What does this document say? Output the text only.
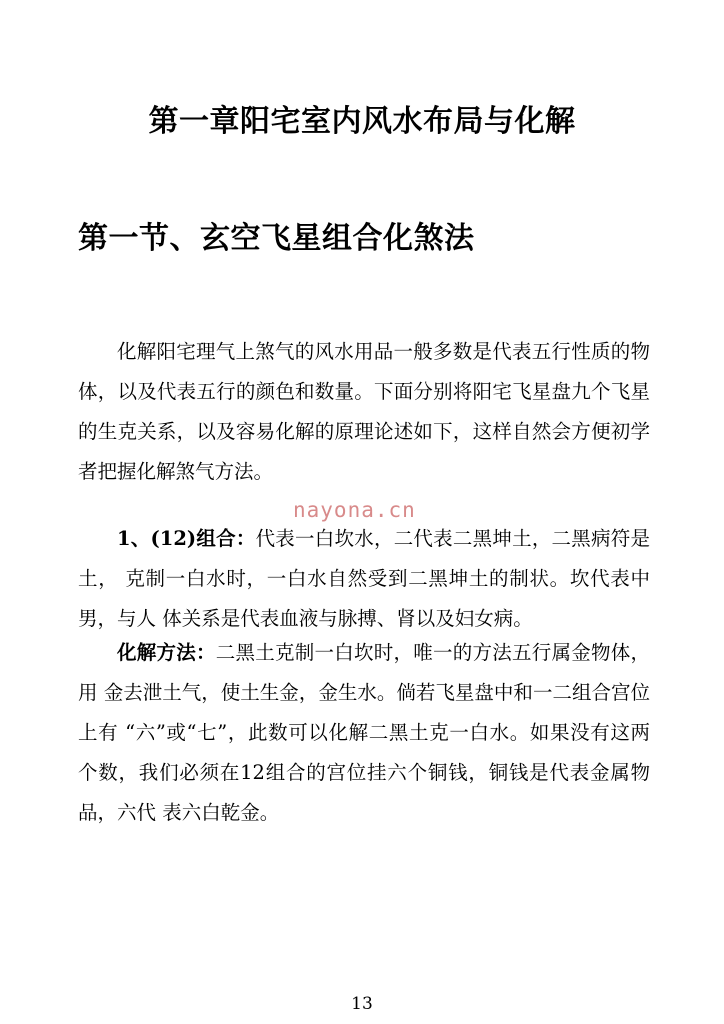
第一章阳宅室内风水布局与化解
第一节、玄空飞星组合化煞法

化解阳宅理气上煞气的风水用品一般多数是代表五行性质的物体，以及代表五行的颜色和数量。下面分别将阳宅飞星盘九个飞星的生克关系，以及容易化解的原理论述如下，这样自然会方便初学者把握化解煞气方法。

1、(12)组合：代表一白坎水，二代表二黑坤土，二黑病符是土， 克制一白水时，一白水自然受到二黑坤土的制状。坎代表中男，与人 体关系是代表血液与脉搏、肾以及妇女病。

化解方法：二黑土克制一白坎时，唯一的方法五行属金物体，用 金去泄土气，使土生金，金生水。倘若飞星盘中和一二组合宫位上有 “六”或“七”，此数可以化解二黑土克一白水。如果没有这两个数，我们必须在12组合的宫位挂六个铜钱，铜钱是代表金属物品，六代 表六白乾金。

nayona.cn
13
